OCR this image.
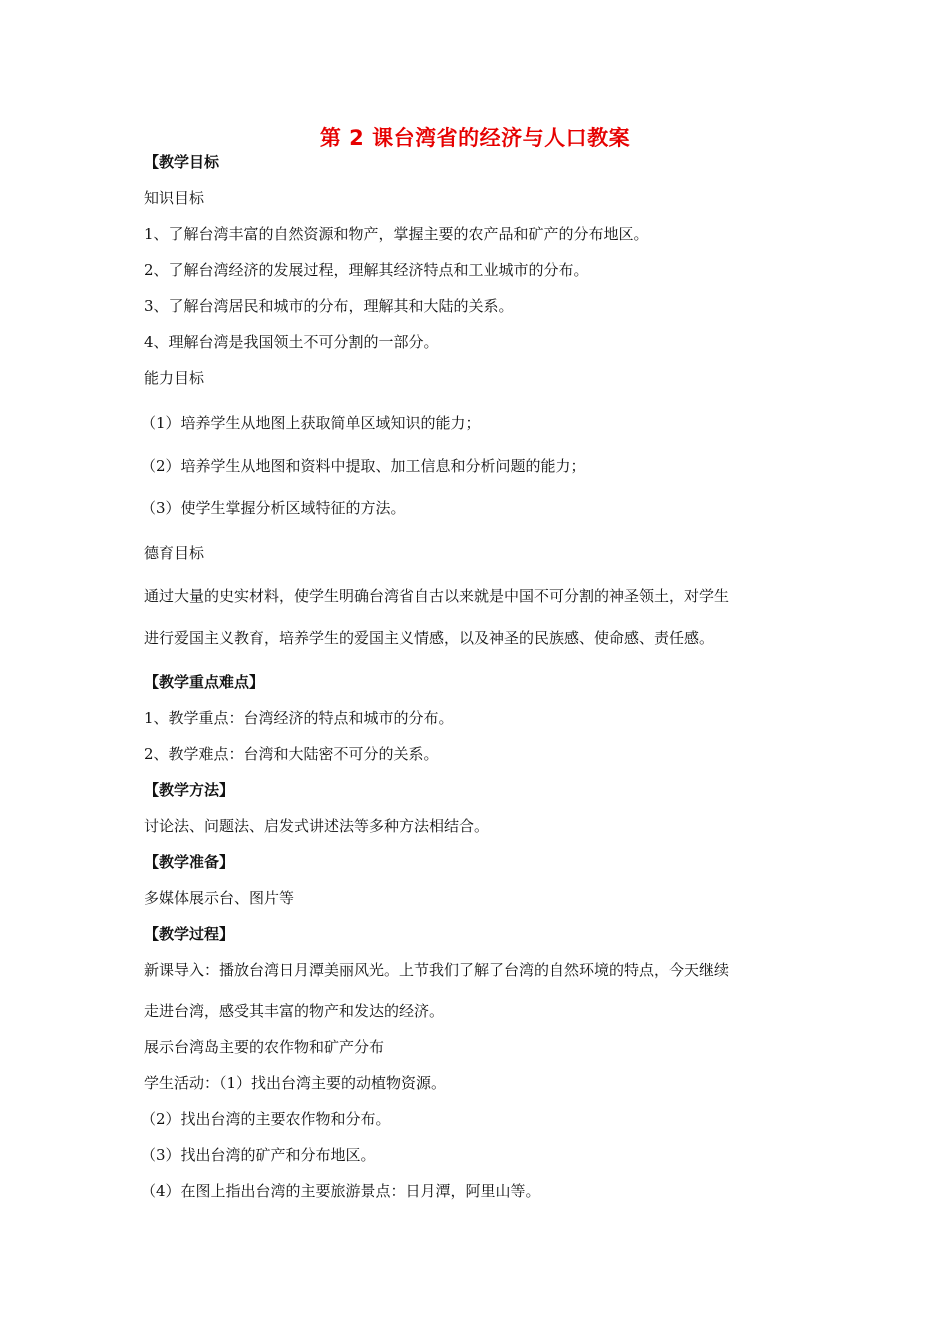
第 2 课台湾省的经济与人口教案
【教学目标
知识目标
1、了解台湾丰富的自然资源和物产，掌握主要的农产品和矿产的分布地区。
2、了解台湾经济的发展过程，理解其经济特点和工业城市的分布。
3、了解台湾居民和城市的分布，理解其和大陆的关系。
4、理解台湾是我国领土不可分割的一部分。
能力目标
（1）培养学生从地图上获取简单区域知识的能力；
（2）培养学生从地图和资料中提取、加工信息和分析问题的能力；
（3）使学生掌握分析区域特征的方法。
德育目标
通过大量的史实材料，使学生明确台湾省自古以来就是中国不可分割的神圣领土，对学生
进行爱国主义教育，培养学生的爱国主义情感，以及神圣的民族感、使命感、责任感。
【教学重点难点】
1、教学重点：台湾经济的特点和城市的分布。
2、教学难点：台湾和大陆密不可分的关系。
【教学方法】
讨论法、问题法、启发式讲述法等多种方法相结合。
【教学准备】
多媒体展示台、图片等
【教学过程】
新课导入：播放台湾日月潭美丽风光。上节我们了解了台湾的自然环境的特点，今天继续
走进台湾，感受其丰富的物产和发达的经济。
展示台湾岛主要的农作物和矿产分布
学生活动：（1）找出台湾主要的动植物资源。
（2）找出台湾的主要农作物和分布。
（3）找出台湾的矿产和分布地区。
（4）在图上指出台湾的主要旅游景点：日月潭，阿里山等。
